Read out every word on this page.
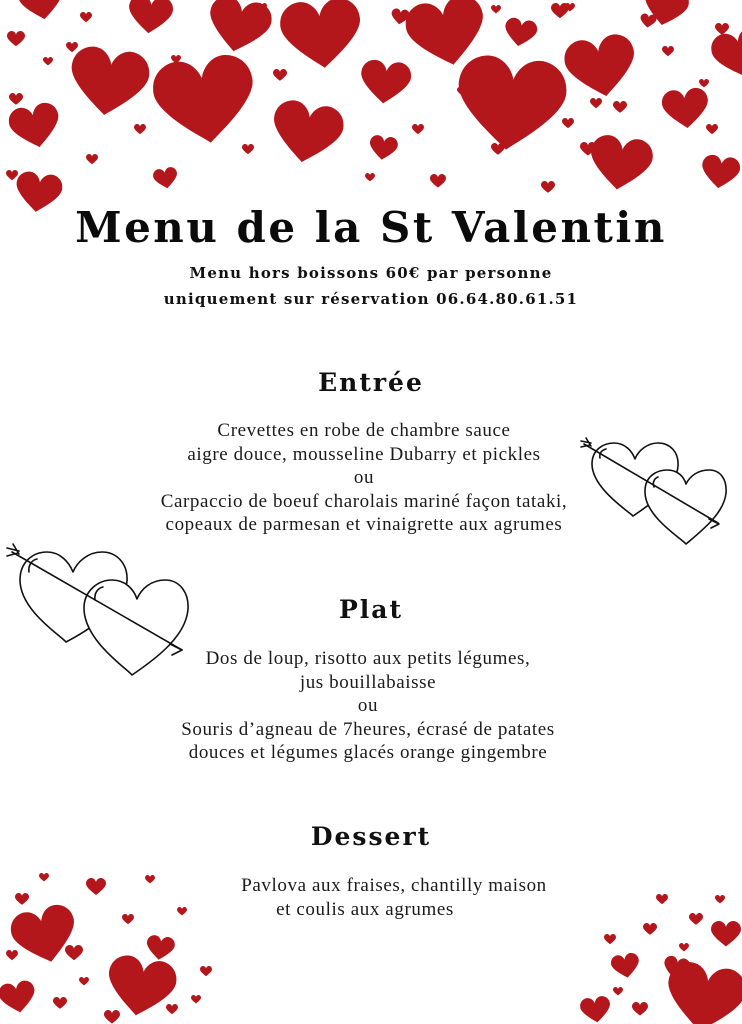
Menu de la St Valentin

Menu hors boissons 60€ par personne

uniquement sur réservation 06.64.80.61.51

Entrée
Crevettes en robe de chambre sauce
aigre douce, mousseline Dubarry et pickles
ou
Carpaccio de boeuf charolais mariné façon tataki,
copeaux de parmesan et vinaigrette aux agrumes
Plat
Dos de loup, risotto aux petits légumes,
jus bouillabaisse
ou
Souris d’agneau de 7heures, écrasé de patates
douces et légumes glacés orange gingembre
Dessert
Pavlova aux fraises, chantilly maison
et coulis aux agrumes
